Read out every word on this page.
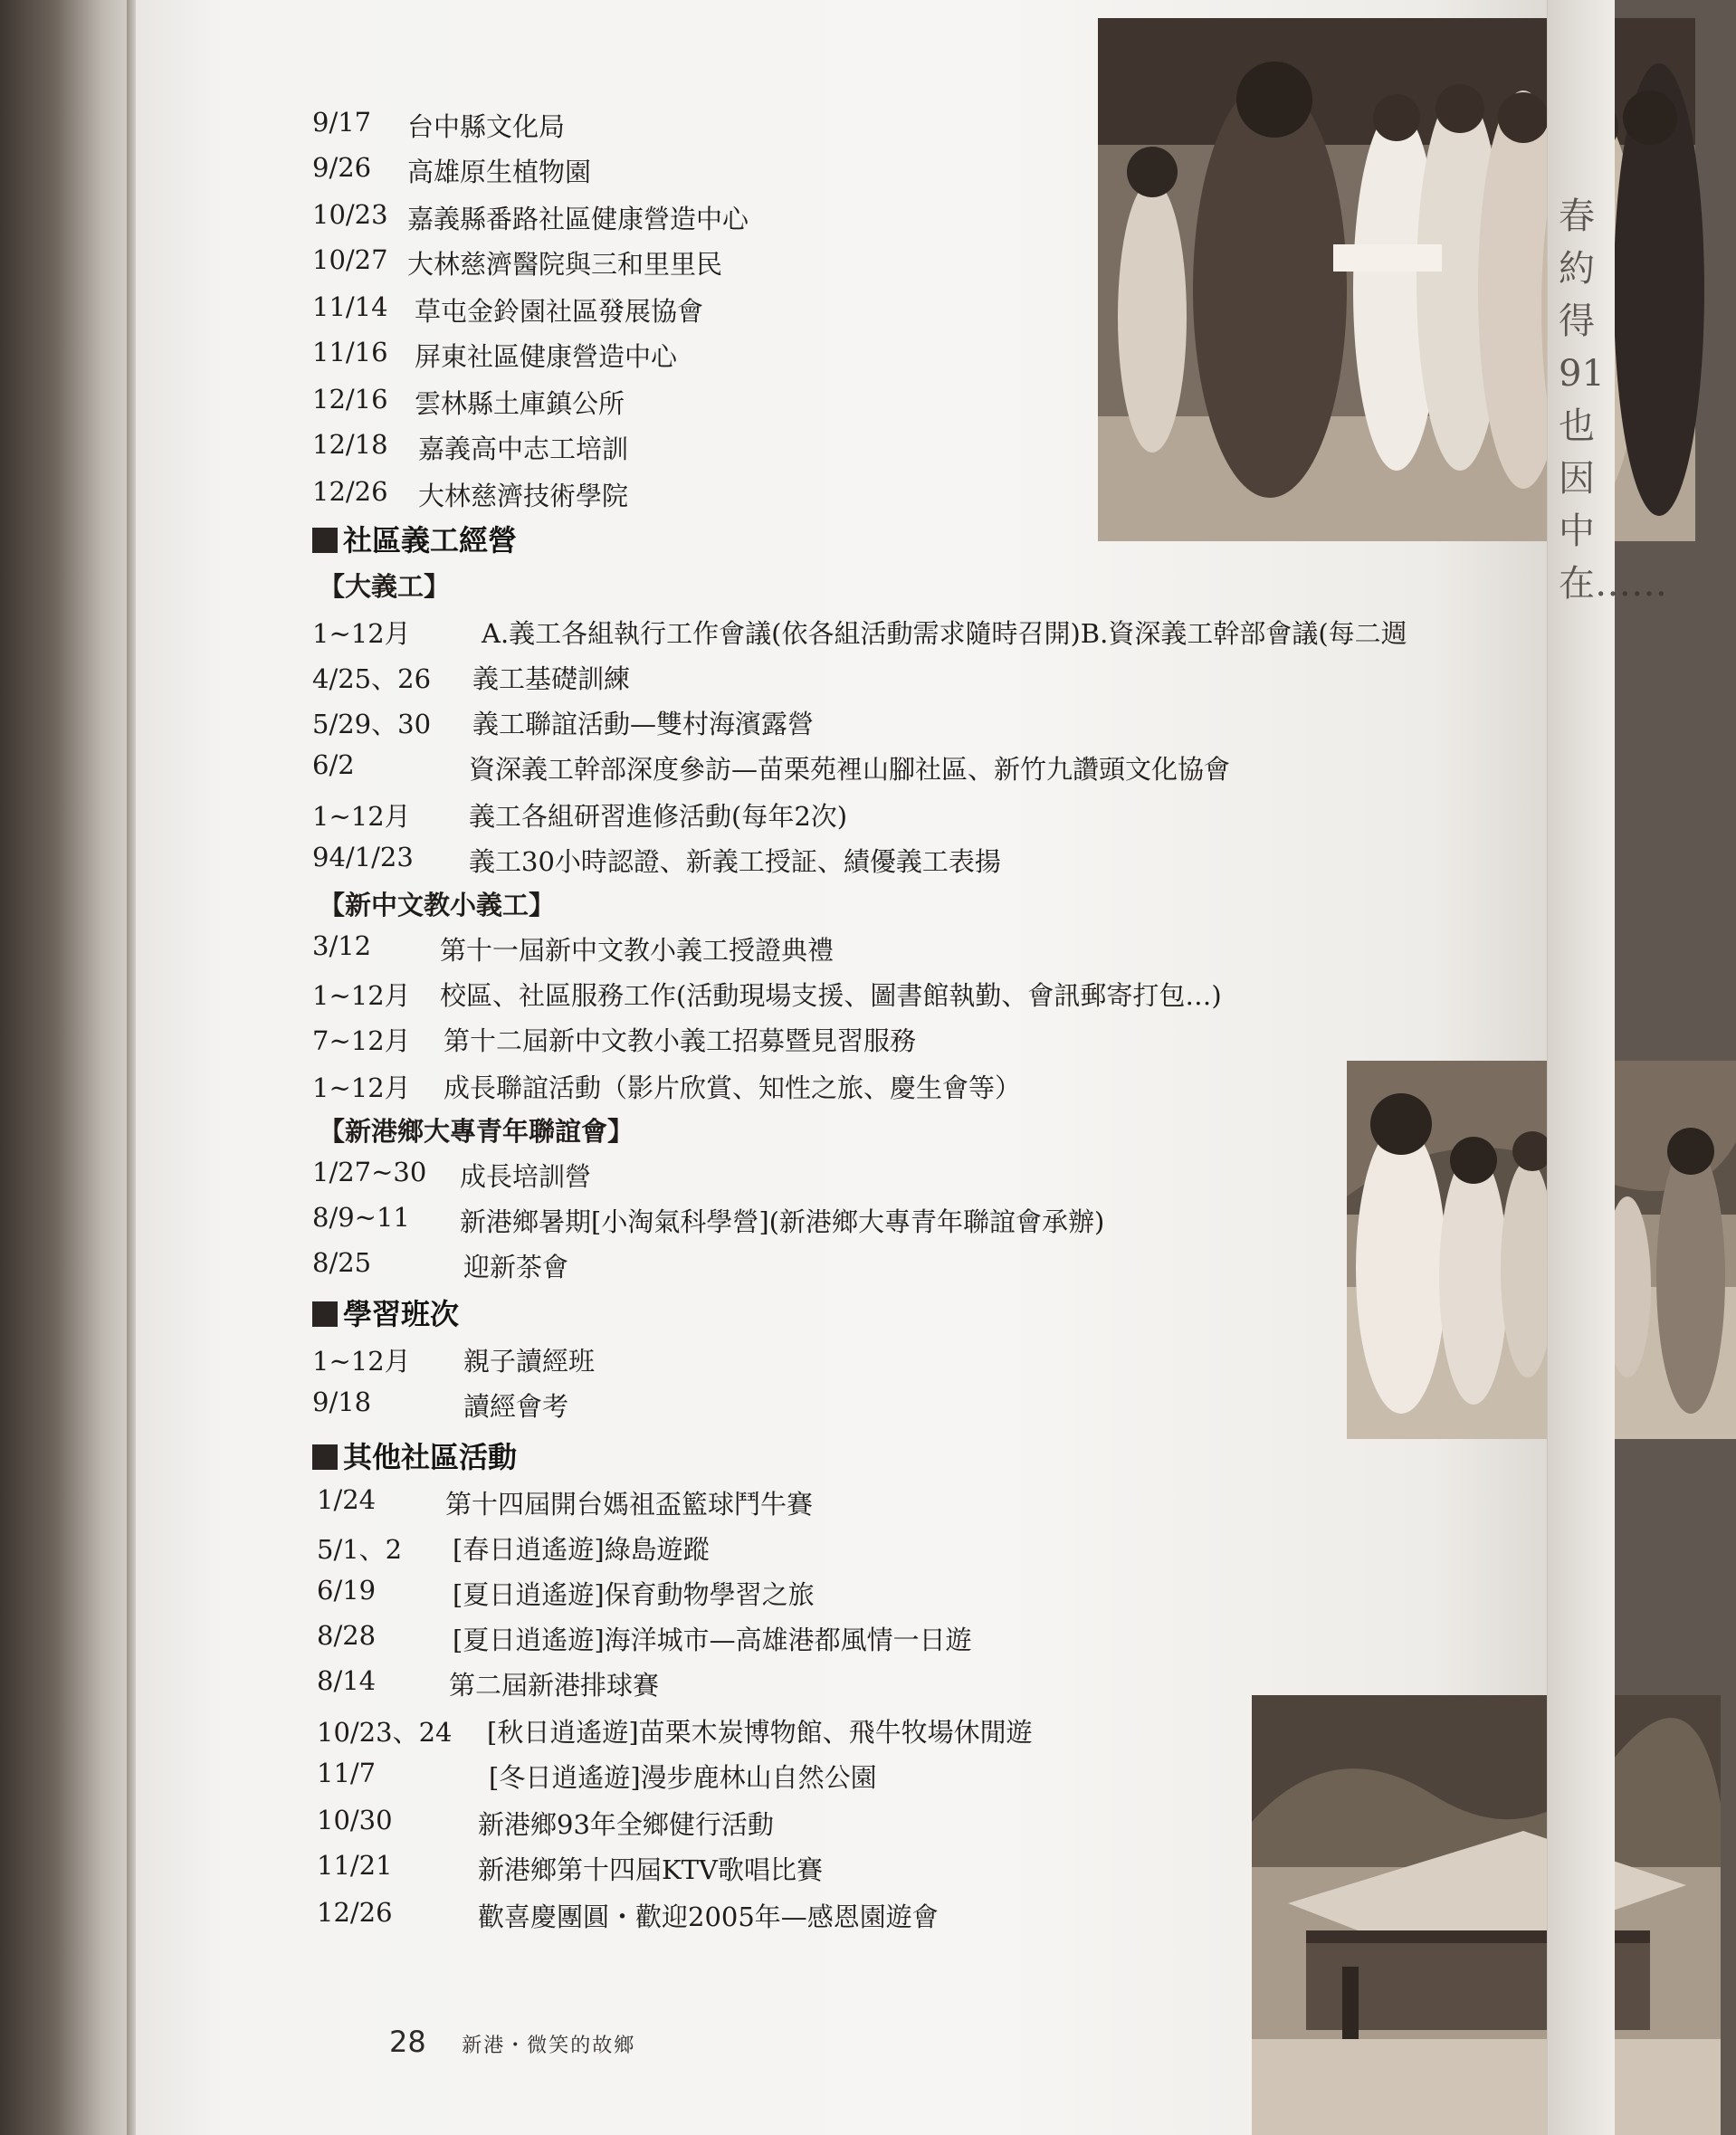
春約得91也因中在……
9/17 台中縣文化局
9/26 高雄原生植物園
10/23 嘉義縣番路社區健康營造中心
10/27 大林慈濟醫院與三和里里民
11/14 草屯金鈴園社區發展協會
11/16 屏東社區健康營造中心
12/16 雲林縣土庫鎮公所
12/18 嘉義高中志工培訓
12/26 大林慈濟技術學院
社區義工經營
【大義工】
1~12月	A.義工各組執行工作會議(依各組活動需求隨時召開)B.資深義工幹部會議(每二週
4/25、26 義工基礎訓練
5/29、30 義工聯誼活動—雙村海濱露營
6/2	資深義工幹部深度參訪—苗栗苑裡山腳社區、新竹九讚頭文化協會
1~12月 義工各組研習進修活動(每年2次)
94/1/23 義工30小時認證、新義工授証、績優義工表揚
【新中文教小義工】
3/12	第十一屆新中文教小義工授證典禮
1~12月 校區、社區服務工作(活動現場支援、圖書館執勤、會訊郵寄打包…)
7~12月 第十二屆新中文教小義工招募暨見習服務
1~12月 成長聯誼活動（影片欣賞、知性之旅、慶生會等）
【新港鄉大專青年聯誼會】
1/27~30 成長培訓營
8/9~11 新港鄉暑期[小淘氣科學營](新港鄉大專青年聯誼會承辦)
8/25	迎新茶會
學習班次
1~12月 親子讀經班
9/18	讀經會考
其他社區活動
1/24	第十四屆開台媽祖盃籃球鬥牛賽
5/1、2 [春日逍遙遊]綠島遊蹤
6/19	[夏日逍遙遊]保育動物學習之旅
8/28	[夏日逍遙遊]海洋城市—高雄港都風情一日遊
8/14	第二屆新港排球賽
10/23、24 [秋日逍遙遊]苗栗木炭博物館、飛牛牧場休閒遊
11/7	[冬日逍遙遊]漫步鹿林山自然公園
10/30	新港鄉93年全鄉健行活動
11/21	新港鄉第十四屆KTV歌唱比賽
12/26	歡喜慶團圓・歡迎2005年—感恩園遊會
28 新港・微笑的故鄉
